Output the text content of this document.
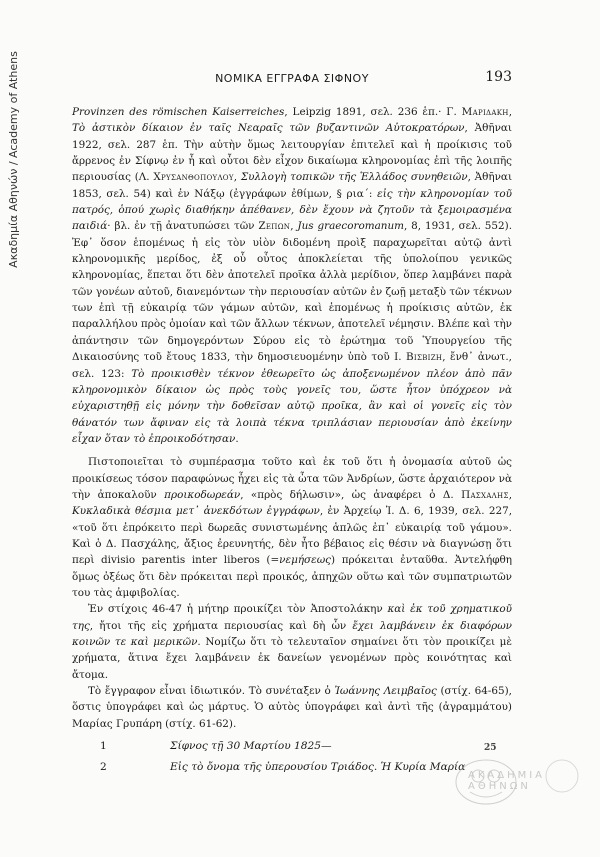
Ακαδημία Αθηνών / Academy of Athens	ΝΟΜΙΚΑ ΕΓΓΡΑΦΑ ΣΙΦΝΟΥ	193

Provinzen des römischen Kaiserreiches, Leipzig 1891, σελ. 236 ἑπ.· Γ. Μαριδακη, Τὸ ἀστικὸν δίκαιον ἐν ταῖς Νεαραῖς τῶν βυζαντινῶν Αὐτοκρατόρων, Ἀθῆναι 1922, σελ. 287 ἑπ. Τὴν αὐτὴν ὅμως λειτουργίαν ἐπιτελεῖ καὶ ἡ προίκισις τοῦ ἄρρενος ἐν Σίφνῳ ἐν ἧ καὶ οὗτοι δὲν εἶχον δικαίωμα κληρονομίας ἐπὶ τῆς λοιπῆς περιουσίας (Λ. Χρυσανθοπουλου, Συλλογὴ τοπικῶν τῆς Ἑλλάδος συνηθειῶν, Ἀθῆναι 1853, σελ. 54) καὶ ἐν Νάξῳ (ἐγγράφων ἐθίμων, § ρια΄: εἰς τὴν κληρονομίαν τοῦ πατρός, ὁπού χωρὶς διαθήκην ἀπέθανεν, δὲν ἔχουν νὰ ζητοῦν τὰ ξεμοιρασμένα παιδιά· βλ. ἐν τῇ ἀνατυπώσει τῶν Ζεπων, Jus graecoromanum, 8, 1931, σελ. 552). Ἐφ᾽ ὅσον ἑπομένως ἡ εἰς τὸν υἱὸν διδομένη προὶξ παραχωρεῖται αὐτῷ ἀντὶ κληρονομικῆς μερίδος, ἐξ οὗ οὗτος ἀποκλείεται τῆς ὑπολοίπου γενικῶς κληρονομίας, ἕπεται ὅτι δὲν ἀποτελεῖ προῖκα ἀλλὰ μερίδιον, ὅπερ λαμβάνει παρὰ τῶν γονέων αὐτοῦ, διανεμόντων τὴν περιουσίαν αὐτῶν ἐν ζωῇ μεταξὺ τῶν τέκνων των ἐπὶ τῇ εὐκαιρίᾳ τῶν γάμων αὐτῶν, καὶ ἑπομένως ἡ προίκισις αὐτῶν, ἐκ παραλλήλου πρὸς ὁμοίαν καὶ τῶν ἄλλων τέκνων, ἀποτελεῖ νέμησιν. Βλέπε καὶ τὴν ἀπάντησιν τῶν δημογερόντων Σύρου εἰς τὸ ἐρώτημα τοῦ Ὑπουργείου τῆς Δικαιοσύνης τοῦ ἔτους 1833, τὴν δημοσιευομένην ὑπὸ τοῦ Ι. Βισβιζη, ἔνθ᾽ ἀνωτ., σελ. 123: Τὸ προικισθὲν τέκνον ἐθεωρεῖτο ὡς ἀποξενωμένον πλέον ἀπὸ πᾶν κληρονομικὸν δίκαιον ὡς πρὸς τοὺς γονεῖς του, ὥστε ἦτον ὑπόχρεον νὰ εὐχαριστηθῇ εἰς μόνην τὴν δοθεῖσαν αὐτῷ προῖκα, ἂν καὶ οἱ γονεῖς εἰς τὸν θάνατόν των ἄφιναν εἰς τὰ λοιπὰ τέκνα τριπλάσιαν περιουσίαν ἀπὸ ἐκείνην εἶχαν ὅταν τὸ ἐπροικοδότησαν.

Πιστοποιεῖται τὸ συμπέρασμα τοῦτο καὶ ἐκ τοῦ ὅτι ἡ ὀνομασία αὐτοῦ ὡς προικίσεως τόσον παραφώνως ἦχει εἰς τὰ ὦτα τῶν Ἀνδρίων, ὥστε ἀρχαιότερον νὰ τὴν ἀποκαλοῦν προικοδωρεάν, «πρὸς δήλωσιν», ὡς ἀναφέρει ὁ Δ. Πασχαλης, Κυκλαδικὰ θέσμια μετ᾽ ἀνεκδότων ἐγγράφων, ἐν Ἀρχείῳ Ἰ. Δ. 6, 1939, σελ. 227, «τοῦ ὅτι ἐπρόκειτο περὶ δωρεᾶς συνιστωμένης ἁπλῶς ἐπ᾽ εὐκαιρίᾳ τοῦ γάμου». Καὶ ὁ Δ. Πασχάλης, ἄξιος ἐρευνητής, δὲν ἦτο βέβαιος εἰς θέσιν νὰ διαγνώσῃ ὅτι περὶ divisio parentis inter liberos (=νεμήσεως) πρόκειται ἐνταῦθα. Ἀντελήφθη ὅμως ὀξέως ὅτι δὲν πρόκειται περὶ προικός, ἀπηχῶν οὕτω καὶ τῶν συμπατριωτῶν του τὰς ἀμφιβολίας.

Ἐν στίχοις 46-47 ἡ μήτηρ προικίζει τὸν Ἀποστολάκην καὶ ἐκ τοῦ χρηματικοῦ της, ἤτοι τῆς εἰς χρήματα περιουσίας καὶ δὴ ὧν ἔχει λαμβάνειν ἐκ διαφόρων κοινῶν τε καὶ μερικῶν. Νομίζω ὅτι τὸ τελευταῖον σημαίνει ὅτι τὸν προικίζει μὲ χρήματα, ἅτινα ἔχει λαμβάνειν ἐκ δανείων γενομένων πρὸς κοινότητας καὶ ἄτομα.

Τὸ ἔγγραφον εἶναι ἰδιωτικόν. Τὸ συνέταξεν ὁ Ἰωάννης Λειμβαῖος (στίχ. 64-65), ὅστις ὑπογράφει καὶ ὡς μάρτυς. Ὁ αὐτὸς ὑπογράφει καὶ ἀντὶ τῆς (ἀγραμμάτου) Μαρίας Γρυπάρη (στίχ. 61-62).

1	Σίφνος τῇ 30 Μαρτίου 1825—
2	Εἰς τὸ ὄνομα τῆς ὑπερουσίου Τριάδος. Ἡ Κυρία Μαρία
25
ΑΚΑΔΗΜΙΑ ΑΘΗΝΩΝ
